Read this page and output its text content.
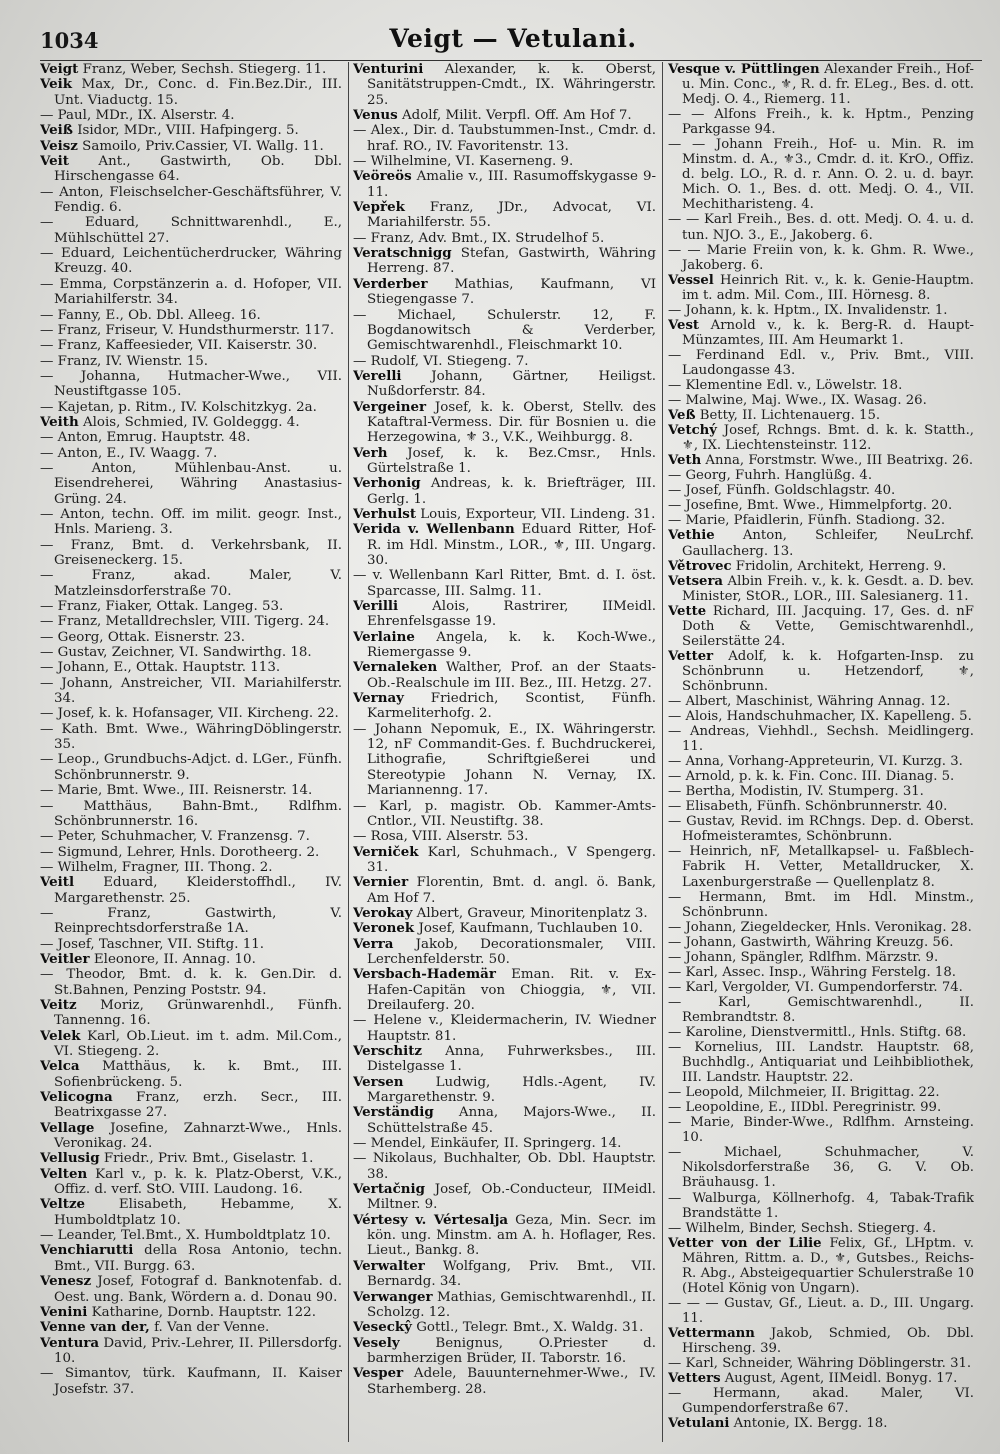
1034	Veigt — Vetulani.
Veigt Franz, Weber, Sechsh. Stiegerg. 11.
Veik Max, Dr., Conc. d. Fin.Bez.Dir., III. Unt. Viaductg. 15.
— Paul, MDr., IX. Alserstr. 4.
Veiß Isidor, MDr., VIII. Hafpingerg. 5.
Veisz Samoilo, Priv.Cassier, VI. Wallg. 11.
Veit Ant., Gastwirth, Ob. Dbl. Hirschengasse 64.
— Anton, Fleischselcher-Geschäftsführer, V. Fendig. 6.
— Eduard, Schnittwarenhdl., E., Mühlschüttel 27.
— Eduard, Leichentücherdrucker, Währing Kreuzg. 40.
— Emma, Corpstänzerin a. d. Hofoper, VII. Mariahilferstr. 34.
— Fanny, E., Ob. Dbl. Alleeg. 16.
— Franz, Friseur, V. Hundsthurmerstr. 117.
— Franz, Kaffeesieder, VII. Kaiserstr. 30.
— Franz, IV. Wienstr. 15.
— Johanna, Hutmacher-Wwe., VII. Neustiftgasse 105.
— Kajetan, p. Ritm., IV. Kolschitzkyg. 2a.
Veith Alois, Schmied, IV. Goldeggg. 4.
— Anton, Emrug. Hauptstr. 48.
— Anton, E., IV. Waagg. 7.
— Anton, Mühlenbau-Anst. u. Eisendreherei, Währing Anastasius-Grüng. 24.
— Anton, techn. Off. im milit. geogr. Inst., Hnls. Marieng. 3.
— Franz, Bmt. d. Verkehrsbank, II. Greiseneckerg. 15.
— Franz, akad. Maler, V. Matzleinsdorferstraße 70.
— Franz, Fiaker, Ottak. Langeg. 53.
— Franz, Metalldrechsler, VIII. Tigerg. 24.
— Georg, Ottak. Eisnerstr. 23.
— Gustav, Zeichner, VI. Sandwirthg. 18.
— Johann, E., Ottak. Hauptstr. 113.
— Johann, Anstreicher, VII. Mariahilferstr. 34.
— Josef, k. k. Hofansager, VII. Kircheng. 22.
— Kath. Bmt. Wwe., WähringDöblingerstr. 35.
— Leop., Grundbuchs-Adjct. d. LGer., Fünfh. Schönbrunnerstr. 9.
— Marie, Bmt. Wwe., III. Reisnerstr. 14.
— Matthäus, Bahn-Bmt., Rdlfhm. Schönbrunnerstr. 16.
— Peter, Schuhmacher, V. Franzensg. 7.
— Sigmund, Lehrer, Hnls. Dorotheerg. 2.
— Wilhelm, Fragner, III. Thong. 2.
Veitl Eduard, Kleiderstoffhdl., IV. Margarethenstr. 25.
— Franz, Gastwirth, V. Reinprechtsdorferstraße 1A.
— Josef, Taschner, VII. Stiftg. 11.
Veitler Eleonore, II. Annag. 10.
— Theodor, Bmt. d. k. k. Gen.Dir. d. St.Bahnen, Penzing Poststr. 94.
Veitz Moriz, Grünwarenhdl., Fünfh. Tannenng. 16.
Velek Karl, Ob.Lieut. im t. adm. Mil.Com., VI. Stiegeng. 2.
Velca Matthäus, k. k. Bmt., III. Sofienbrückeng. 5.
Velicogna Franz, erzh. Secr., III. Beatrixgasse 27.
Vellage Josefine, Zahnarzt-Wwe., Hnls. Veronikag. 24.
Vellusig Friedr., Priv. Bmt., Giselastr. 1.
Velten Karl v., p. k. k. Platz-Oberst, V.K., Offiz. d. verf. StO. VIII. Laudong. 16.
Veltze Elisabeth, Hebamme, X. Humboldtplatz 10.
— Leander, Tel.Bmt., X. Humboldtplatz 10.
Venchiarutti della Rosa Antonio, techn. Bmt., VII. Burgg. 63.
Venesz Josef, Fotograf d. Banknotenfab. d. Oest. ung. Bank, Wördern a. d. Donau 90.
Venini Katharine, Dornb. Hauptstr. 122.
Venne van der, f. Van der Venne.
Ventura David, Priv.-Lehrer, II. Pillersdorfg. 10.
— Simantov, türk. Kaufmann, II. Kaiser Josefstr. 37.
Venturini Alexander, k. k. Oberst, Sanitätstruppen-Cmdt., IX. Währingerstr. 25.
Venus Adolf, Milit. Verpfl. Off. Am Hof 7.
— Alex., Dir. d. Taubstummen-Inst., Cmdr. d. hraf. RO., IV. Favoritenstr. 13.
— Wilhelmine, VI. Kaserneng. 9.
Veöreös Amalie v., III. Rasumoffskygasse 9-11.
Vepřek Franz, JDr., Advocat, VI. Mariahilferstr. 55.
— Franz, Adv. Bmt., IX. Strudelhof 5.
Veratschnigg Stefan, Gastwirth, Währing Herreng. 87.
Verderber Mathias, Kaufmann, VI Stiegengasse 7.
— Michael, Schulerstr. 12, F. Bogdanowitsch & Verderber, Gemischtwarenhdl., Fleischmarkt 10.
— Rudolf, VI. Stiegeng. 7.
Verelli Johann, Gärtner, Heiligst. Nußdorferstr. 84.
Vergeiner Josef, k. k. Oberst, Stellv. des Kataftral-Vermess. Dir. für Bosnien u. die Herzegowina, ⚜ 3., V.K., Weihburgg. 8.
Verh Josef, k. k. Bez.Cmsr., Hnls. Gürtelstraße 1.
Verhonig Andreas, k. k. Briefträger, III. Gerlg. 1.
Verhulst Louis, Exporteur, VII. Lindeng. 31.
Verida v. Wellenbann Eduard Ritter, Hof-R. im Hdl. Minstm., LOR., ⚜, III. Ungarg. 30.
— v. Wellenbann Karl Ritter, Bmt. d. I. öst. Sparcasse, III. Salmg. 11.
Verilli Alois, Rastrirer, IIMeidl. Ehrenfelsgasse 19.
Verlaine Angela, k. k. Koch-Wwe., Riemergasse 9.
Vernaleken Walther, Prof. an der Staats-Ob.-Realschule im III. Bez., III. Hetzg. 27.
Vernay Friedrich, Scontist, Fünfh. Karmeliterhofg. 2.
— Johann Nepomuk, E., IX. Währingerstr. 12, nF Commandit-Ges. f. Buchdruckerei, Lithografie, Schriftgießerei und Stereotypie Johann N. Vernay, IX. Mariannenng. 17.
— Karl, p. magistr. Ob. Kammer-Amts-Cntlor., VII. Neustiftg. 38.
— Rosa, VIII. Alserstr. 53.
Verniček Karl, Schuhmach., V Spengerg. 31.
Vernier Florentin, Bmt. d. angl. ö. Bank, Am Hof 7.
Verokay Albert, Graveur, Minoritenplatz 3.
Veronek Josef, Kaufmann, Tuchlauben 10.
Verra Jakob, Decorationsmaler, VIII. Lerchenfelderstr. 50.
Versbach-Hademär Eman. Rit. v. Ex-Hafen-Capitän von Chioggia, ⚜, VII. Dreilauferg. 20.
— Helene v., Kleidermacherin, IV. Wiedner Hauptstr. 81.
Verschitz Anna, Fuhrwerksbes., III. Distelgasse 1.
Versen Ludwig, Hdls.-Agent, IV. Margarethenstr. 9.
Verständig Anna, Majors-Wwe., II. Schüttelstraße 45.
— Mendel, Einkäufer, II. Springerg. 14.
— Nikolaus, Buchhalter, Ob. Dbl. Hauptstr. 38.
Vertačnig Josef, Ob.-Conducteur, IIMeidl. Miltner. 9.
Vértesy v. Vértesalja Geza, Min. Secr. im kön. ung. Minstm. am A. h. Hoflager, Res. Lieut., Bankg. 8.
Verwalter Wolfgang, Priv. Bmt., VII. Bernardg. 34.
Verwanger Mathias, Gemischtwarenhdl., II. Scholzg. 12.
Veseckŷ Gottl., Telegr. Bmt., X. Waldg. 31.
Vesely Benignus, O.Priester d. barmherzigen Brüder, II. Taborstr. 16.
Vesper Adele, Bauunternehmer-Wwe., IV. Starhemberg. 28.
Vesque v. Püttlingen Alexander Freih., Hof- u. Min. Conc., ⚜, R. d. fr. ELeg., Bes. d. ott. Medj. O. 4., Riemerg. 11.
— — Alfons Freih., k. k. Hptm., Penzing Parkgasse 94.
— — Johann Freih., Hof- u. Min. R. im Minstm. d. A., ⚜3., Cmdr. d. it. KrO., Offiz. d. belg. LO., R. d. r. Ann. O. 2. u. d. bayr. Mich. O. 1., Bes. d. ott. Medj. O. 4., VII. Mechitharisteng. 4.
— — Karl Freih., Bes. d. ott. Medj. O. 4. u. d. tun. NJO. 3., E., Jakoberg. 6.
— — Marie Freiin von, k. k. Ghm. R. Wwe., Jakoberg. 6.
Vessel Heinrich Rit. v., k. k. Genie-Hauptm. im t. adm. Mil. Com., III. Hörnesg. 8.
— Johann, k. k. Hptm., IX. Invalidenstr. 1.
Vest Arnold v., k. k. Berg-R. d. Haupt-Münzamtes, III. Am Heumarkt 1.
— Ferdinand Edl. v., Priv. Bmt., VIII. Laudongasse 43.
— Klementine Edl. v., Löwelstr. 18.
— Malwine, Maj. Wwe., IX. Wasag. 26.
Veß Betty, II. Lichtenauerg. 15.
Vetchý Josef, Rchngs. Bmt. d. k. k. Statth., ⚜, IX. Liechtensteinstr. 112.
Veth Anna, Forstmstr. Wwe., III Beatrixg. 26.
— Georg, Fuhrh. Hanglüßg. 4.
— Josef, Fünfh. Goldschlagstr. 40.
— Josefine, Bmt. Wwe., Himmelpfortg. 20.
— Marie, Pfaidlerin, Fünfh. Stadiong. 32.
Vethie Anton, Schleifer, NeuLrchf. Gaullacherg. 13.
Větrovec Fridolin, Architekt, Herreng. 9.
Vetsera Albin Freih. v., k. k. Gesdt. a. D. bev. Minister, StOR., LOR., III. Salesianerg. 11.
Vette Richard, III. Jacquing. 17, Ges. d. nF Doth & Vette, Gemischtwarenhdl., Seilerstätte 24.
Vetter Adolf, k. k. Hofgarten-Insp. zu Schönbrunn u. Hetzendorf, ⚜, Schönbrunn.
— Albert, Maschinist, Währing Annag. 12.
— Alois, Handschuhmacher, IX. Kapelleng. 5.
— Andreas, Viehhdl., Sechsh. Meidlingerg. 11.
— Anna, Vorhang-Appreteurin, VI. Kurzg. 3.
— Arnold, p. k. k. Fin. Conc. III. Dianag. 5.
— Bertha, Modistin, IV. Stumperg. 31.
— Elisabeth, Fünfh. Schönbrunnerstr. 40.
— Gustav, Revid. im RChngs. Dep. d. Oberst. Hofmeisteramtes, Schönbrunn.
— Heinrich, nF, Metallkapsel- u. Faßblech-Fabrik H. Vetter, Metalldrucker, X. Laxenburgerstraße — Quellenplatz 8.
— Hermann, Bmt. im Hdl. Minstm., Schönbrunn.
— Johann, Ziegeldecker, Hnls. Veronikag. 28.
— Johann, Gastwirth, Währing Kreuzg. 56.
— Johann, Spängler, Rdlfhm. Märzstr. 9.
— Karl, Assec. Insp., Währing Ferstelg. 18.
— Karl, Vergolder, VI. Gumpendorferstr. 74.
— Karl, Gemischtwarenhdl., II. Rembrandtstr. 8.
— Karoline, Dienstvermittl., Hnls. Stiftg. 68.
— Kornelius, III. Landstr. Hauptstr. 68, Buchhdlg., Antiquariat und Leihbibliothek, III. Landstr. Hauptstr. 22.
— Leopold, Milchmeier, II. Brigittag. 22.
— Leopoldine, E., IIDbl. Peregrinistr. 99.
— Marie, Binder-Wwe., Rdlfhm. Arnsteing. 10.
— Michael, Schuhmacher, V. Nikolsdorferstraße 36, G. V. Ob. Bräuhausg. 1.
— Walburga, Köllnerhofg. 4, Tabak-Trafik Brandstätte 1.
— Wilhelm, Binder, Sechsh. Stiegerg. 4.
Vetter von der Lilie Felix, Gf., LHptm. v. Mähren, Rittm. a. D., ⚜, Gutsbes., Reichs-R. Abg., Absteigequartier Schulerstraße 10 (Hotel König von Ungarn).
— — — Gustav, Gf., Lieut. a. D., III. Ungarg. 11.
Vettermann Jakob, Schmied, Ob. Dbl. Hirscheng. 39.
— Karl, Schneider, Währing Döblingerstr. 31.
Vetters August, Agent, IIMeidl. Bonyg. 17.
— Hermann, akad. Maler, VI. Gumpendorferstraße 67.
Vetulani Antonie, IX. Bergg. 18.
